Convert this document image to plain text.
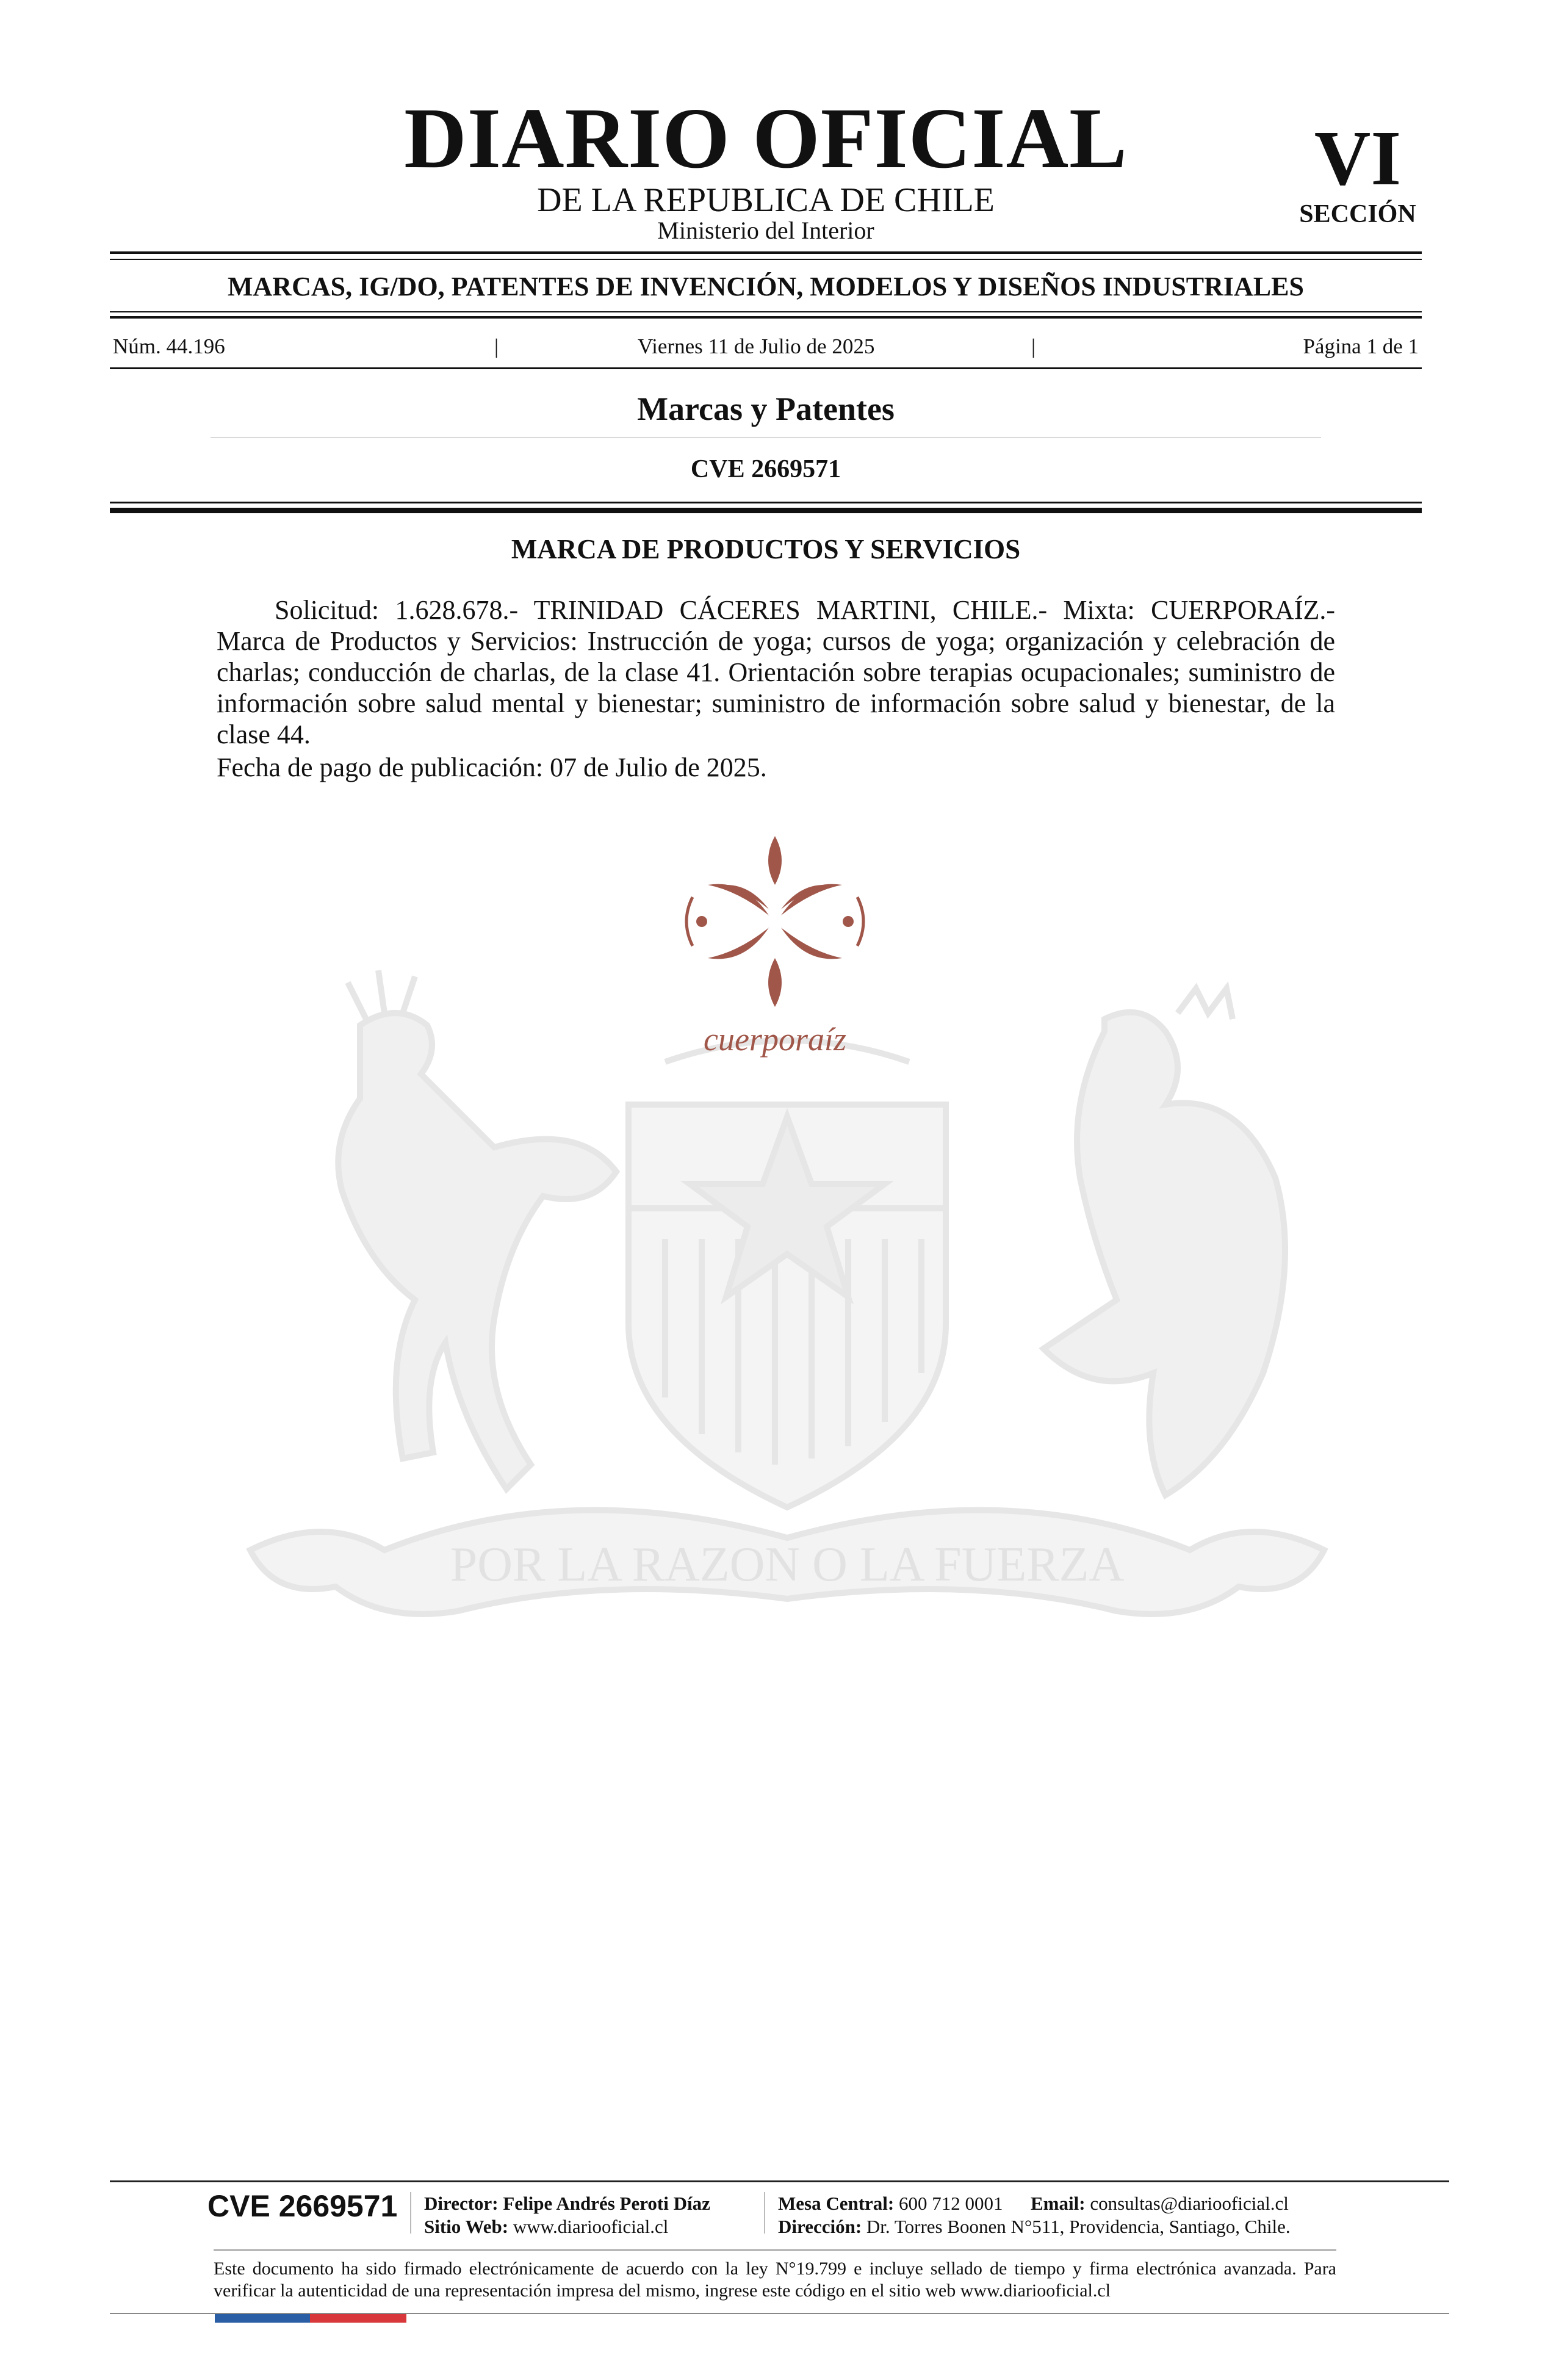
POR LA RAZON O LA FUERZA
DIARIO OFICIAL
DE LA REPUBLICA DE CHILE
Ministerio del Interior
VI
SECCIÓN
MARCAS, IG/DO, PATENTES DE INVENCIÓN, MODELOS Y DISEÑOS INDUSTRIALES
Núm. 44.196	|	Viernes 11 de Julio de 2025	|	Página 1 de 1
Marcas y Patentes
CVE 2669571
MARCA DE PRODUCTOS Y SERVICIOS
Solicitud: 1.628.678.- TRINIDAD CÁCERES MARTINI, CHILE.- Mixta: CUERPORAÍZ.- Marca de Productos y Servicios: Instrucción de yoga; cursos de yoga; organización y celebración de charlas; conducción de charlas, de la clase 41. Orientación sobre terapias ocupacionales; suministro de información sobre salud mental y bienestar; suministro de información sobre salud y bienestar, de la clase 44.
Fecha de pago de publicación: 07 de Julio de 2025.
cuerporaíz
CVE 2669571	Director: Felipe Andrés Peroti Díaz
Sitio Web: www.diariooficial.cl
Mesa Central: 600 712 0001 Email: consultas@diariooficial.cl
Dirección: Dr. Torres Boonen N°511, Providencia, Santiago, Chile.
Este documento ha sido firmado electrónicamente de acuerdo con la ley N°19.799 e incluye sellado de tiempo y firma electrónica avanzada. Para verificar la autenticidad de una representación impresa del mismo, ingrese este código en el sitio web www.diariooficial.cl
